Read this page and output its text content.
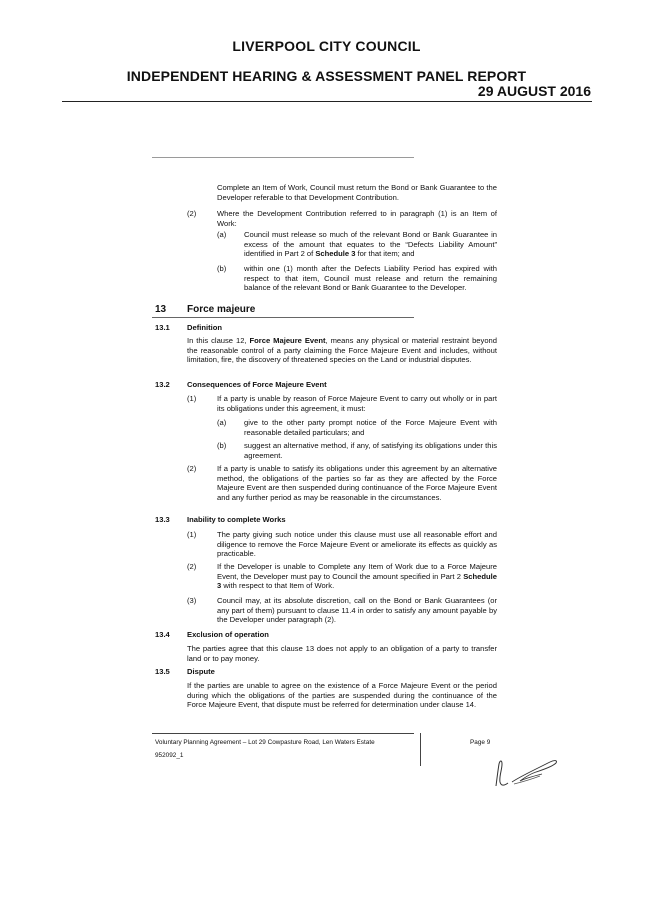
LIVERPOOL CITY COUNCIL
INDEPENDENT HEARING & ASSESSMENT PANEL REPORT
29 AUGUST 2016
Complete an Item of Work, Council must return the Bond or Bank Guarantee to the Developer referable to that Development Contribution.
(2)	Where the Development Contribution referred to in paragraph (1) is an Item of Work:
(a) Council must release so much of the relevant Bond or Bank Guarantee in excess of the amount that equates to the “Defects Liability Amount” identified in Part 2 of Schedule 3 for that item; and
(b) within one (1) month after the Defects Liability Period has expired with respect to that item, Council must release and return the remaining balance of the relevant Bond or Bank Guarantee to the Developer.
13 Force majeure
13.1 Definition
In this clause 12, Force Majeure Event, means any physical or material restraint beyond the reasonable control of a party claiming the Force Majeure Event and includes, without limitation, fire, the discovery of threatened species on the Land or industrial disputes.
13.2 Consequences of Force Majeure Event
(1)	If a party is unable by reason of Force Majeure Event to carry out wholly or in part its obligations under this agreement, it must:
(a) give to the other party prompt notice of the Force Majeure Event with reasonable detailed particulars; and
(b) suggest an alternative method, if any, of satisfying its obligations under this agreement.
(2)	If a party is unable to satisfy its obligations under this agreement by an alternative method, the obligations of the parties so far as they are affected by the Force Majeure Event are then suspended during continuance of the Force Majeure Event and any further period as may be reasonable in the circumstances.
13.3 Inability to complete Works
(1)	The party giving such notice under this clause must use all reasonable effort and diligence to remove the Force Majeure Event or ameliorate its effects as quickly as practicable.
(2)	If the Developer is unable to Complete any Item of Work due to a Force Majeure Event, the Developer must pay to Council the amount specified in Part 2 Schedule 3 with respect to that Item of Work.
(3)	Council may, at its absolute discretion, call on the Bond or Bank Guarantees (or any part of them) pursuant to clause 11.4 in order to satisfy any amount payable by the Developer under paragraph (2).
13.4 Exclusion of operation
The parties agree that this clause 13 does not apply to an obligation of a party to transfer land or to pay money.
13.5 Dispute
If the parties are unable to agree on the existence of a Force Majeure Event or the period during which the obligations of the parties are suspended during the continuance of the Force Majeure Event, that dispute must be referred for determination under clause 14.
Voluntary Planning Agreement – Lot 29 Cowpasture Road, Len Waters Estate
952092_1
Page 9
